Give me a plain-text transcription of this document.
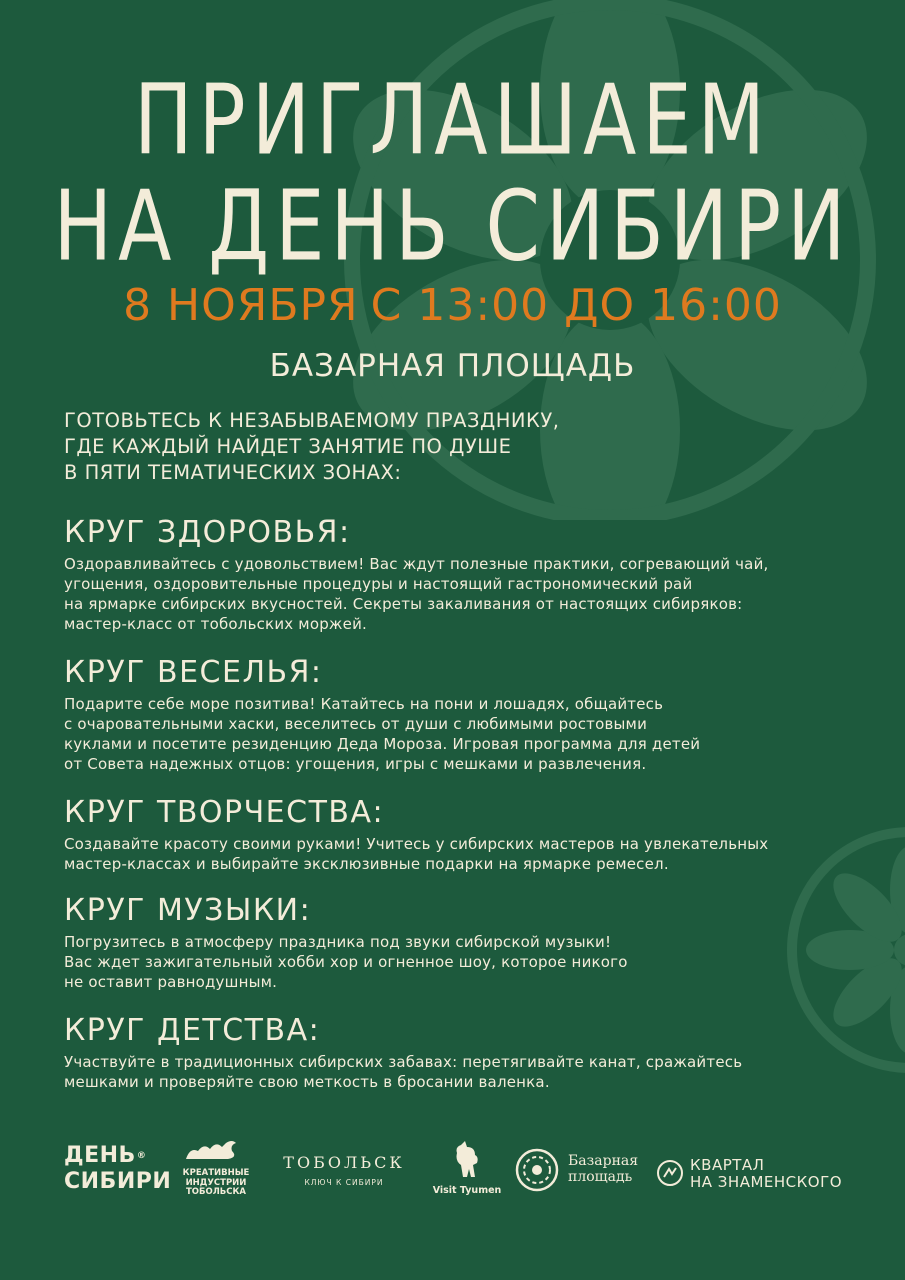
ПРИГЛАШАЕМ
НА ДЕНЬ СИБИРИ
8 НОЯБРЯ С 13:00 ДО 16:00
БАЗАРНАЯ ПЛОЩАДЬ
ГОТОВЬТЕСЬ К НЕЗАБЫВАЕМОМУ ПРАЗДНИКУ,
ГДЕ КАЖДЫЙ НАЙДЕТ ЗАНЯТИЕ ПО ДУШЕ
В ПЯТИ ТЕМАТИЧЕСКИХ ЗОНАХ:
КРУГ ЗДОРОВЬЯ:
Оздоравливайтесь с удовольствием! Вас ждут полезные практики, согревающий чай,
угощения, оздоровительные процедуры и настоящий гастрономический рай
на ярмарке сибирских вкусностей. Секреты закаливания от настоящих сибиряков:
мастер-класс от тобольских моржей.
КРУГ ВЕСЕЛЬЯ:
Подарите себе море позитива! Катайтесь на пони и лошадях, общайтесь
с очаровательными хаски, веселитесь от души с любимыми ростовыми
куклами и посетите резиденцию Деда Мороза. Игровая программа для детей
от Совета надежных отцов: угощения, игры с мешками и развлечения.
КРУГ ТВОРЧЕСТВА:
Создавайте красоту своими руками! Учитесь у сибирских мастеров на увлекательных
мастер-классах и выбирайте эксклюзивные подарки на ярмарке ремесел.
КРУГ МУЗЫКИ:
Погрузитесь в атмосферу праздника под звуки сибирской музыки!
Вас ждет зажигательный хобби хор и огненное шоу, которое никого
не оставит равнодушным.
КРУГ ДЕТСТВА:
Участвуйте в традиционных сибирских забавах: перетягивайте канат, сражайтесь
мешками и проверяйте свою меткость в бросании валенка.
ДЕНЬ®
СИБИРИ	КРЕАТИВНЫЕ
ИНДУСТРИИ
ТОБОЛЬСКА
ТОБОЛЬСК
КЛЮЧ К СИБИРИ
Visit Tyumen
Базарная
площадь
КВАРТАЛ
НА ЗНАМЕНСКОГО
